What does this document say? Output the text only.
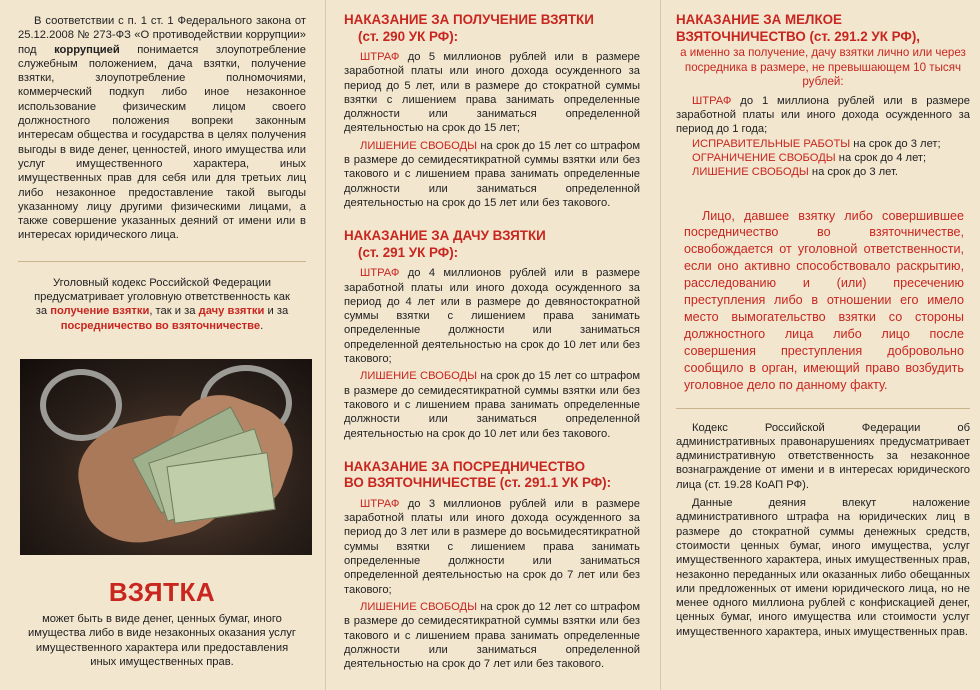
В соответствии с п. 1 ст. 1 Федерального закона от 25.12.2008 № 273-ФЗ «О противодействии коррупции» под коррупцией понимается злоупотребление служебным положением, дача взятки, получение взятки, злоупотребление полномочиями, коммерческий подкуп либо иное незаконное использование физическим лицом своего должностного положения вопреки законным интересам общества и государства в целях получения выгоды в виде денег, ценностей, иного имущества или услуг имущественного характера, иных имущественных прав для себя или для третьих лиц либо незаконное предоставление такой выгоды указанному лицу другими физическими лицами, а также совершение указанных деяний от имени или в интересах юридического лица.

Уголовный кодекс Российской Федерации предусматривает уголовную ответственность как за получение взятки, так и за дачу взятки и за посредничество во взяточничестве.

ВЗЯТКА

может быть в виде денег, ценных бумаг, иного имущества либо в виде незаконных оказания услуг имущественного характера или предоставления иных имущественных прав.

НАКАЗАНИЕ ЗА ПОЛУЧЕНИЕ ВЗЯТКИ
(ст. 290 УК РФ):

ШТРАФ до 5 миллионов рублей или в размере заработной платы или иного дохода осужденного за период до 5 лет, или в размере до стократной суммы взятки с лишением права занимать определенные должности или заниматься определенной деятельностью на срок до 15 лет;

ЛИШЕНИЕ СВОБОДЫ на срок до 15 лет со штрафом в размере до семидесятикратной суммы взятки или без такового и с лишением права занимать определенные должности или заниматься определенной деятельностью на срок до 15 лет или без такового.

НАКАЗАНИЕ ЗА ДАЧУ ВЗЯТКИ
(ст. 291 УК РФ):

ШТРАФ до 4 миллионов рублей или в размере заработной платы или иного дохода осужденного за период до 4 лет или в размере до девяностократной суммы взятки с лишением права занимать определенные должности или заниматься определенной деятельностью на срок до 10 лет или без такового;

ЛИШЕНИЕ СВОБОДЫ на срок до 15 лет со штрафом в размере до семидесятикратной суммы взятки или без такового и с лишением права занимать определенные должности или заниматься определенной деятельностью на срок до 10 лет или без такового.

НАКАЗАНИЕ ЗА ПОСРЕДНИЧЕСТВО
ВО ВЗЯТОЧНИЧЕСТВЕ (ст. 291.1 УК РФ):

ШТРАФ до 3 миллионов рублей или в размере заработной платы или иного дохода осужденного за период до 3 лет или в размере до восьмидесятикратной суммы взятки с лишением права занимать определенные должности или заниматься определенной деятельностью на срок до 7 лет или без такового;

ЛИШЕНИЕ СВОБОДЫ на срок до 12 лет со штрафом в размере до семидесятикратной суммы взятки или без такового и с лишением права занимать определенные должности или заниматься определенной деятельностью на срок до 7 лет или без такового.

НАКАЗАНИЕ ЗА МЕЛКОЕ
ВЗЯТОЧНИЧЕСТВО (ст. 291.2 УК РФ),

а именно за получение, дачу взятки лично или через посредника в размере, не превышающем 10 тысяч рублей:

ШТРАФ до 1 миллиона рублей или в размере заработной платы или иного дохода осужденного за период до 1 года;

ИСПРАВИТЕЛЬНЫЕ РАБОТЫ на срок до 3 лет;

ОГРАНИЧЕНИЕ СВОБОДЫ на срок до 4 лет;

ЛИШЕНИЕ СВОБОДЫ на срок до 3 лет.

Лицо, давшее взятку либо совершившее посредничество во взяточничестве, освобождается от уголовной ответственности, если оно активно способствовало раскрытию, расследованию и (или) пресечению преступления либо в отношении его имело место вымогательство взятки со стороны должностного лица либо лицо после совершения преступления добровольно сообщило в орган, имеющий право возбудить уголовное дело по данному факту.

Кодекс Российской Федерации об административных правонарушениях предусматривает административную ответственность за незаконное вознаграждение от имени и в интересах юридического лица (ст. 19.28 КоАП РФ).

Данные деяния влекут наложение административного штрафа на юридических лиц в размере до стократной суммы денежных средств, стоимости ценных бумаг, иного имущества, услуг имущественного характера, иных имущественных прав, незаконно переданных или оказанных либо обещанных или предложенных от имени юридического лица, но не менее одного миллиона рублей с конфискацией денег, ценных бумаг, иного имущества или стоимости услуг имущественного характера, иных имущественных прав.
